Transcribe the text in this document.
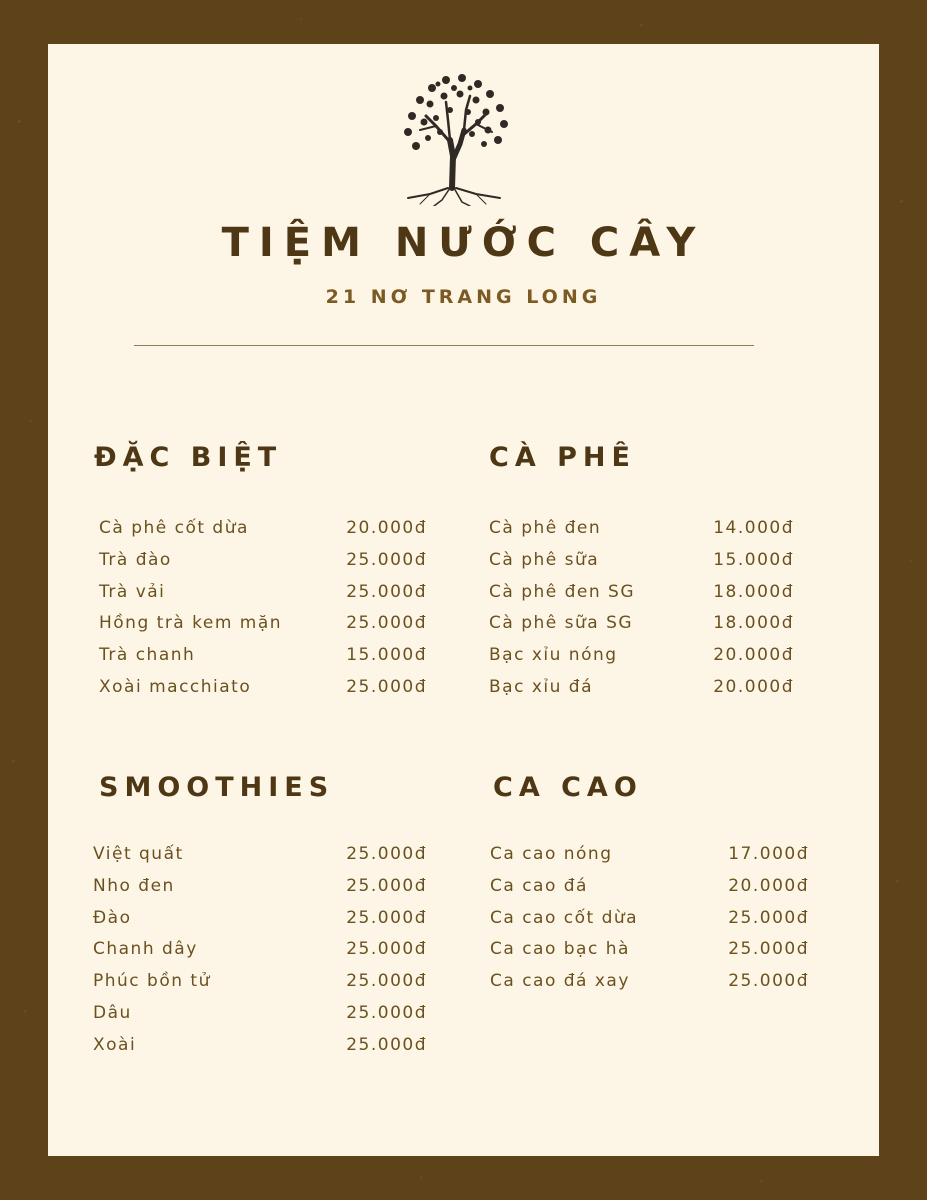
TIỆM NƯỚC CÂY
21 NƠ TRANG LONG
ĐẶC BIỆT
Cà phê cốt dừa	20.000đ
Trà đào	25.000đ
Trà vải	25.000đ
Hồng trà kem mặn	25.000đ
Trà chanh	15.000đ
Xoài macchiato	25.000đ
CÀ PHÊ
Cà phê đen	14.000đ
Cà phê sữa	15.000đ
Cà phê đen SG	18.000đ
Cà phê sữa SG	18.000đ
Bạc xỉu nóng	20.000đ
Bạc xỉu đá	20.000đ
SMOOTHIES
Việt quất	25.000đ
Nho đen	25.000đ
Đào	25.000đ
Chanh dây	25.000đ
Phúc bồn tử	25.000đ
Dâu	25.000đ
Xoài	25.000đ
CA CAO
Ca cao nóng	17.000đ
Ca cao đá	20.000đ
Ca cao cốt dừa	25.000đ
Ca cao bạc hà	25.000đ
Ca cao đá xay	25.000đ
